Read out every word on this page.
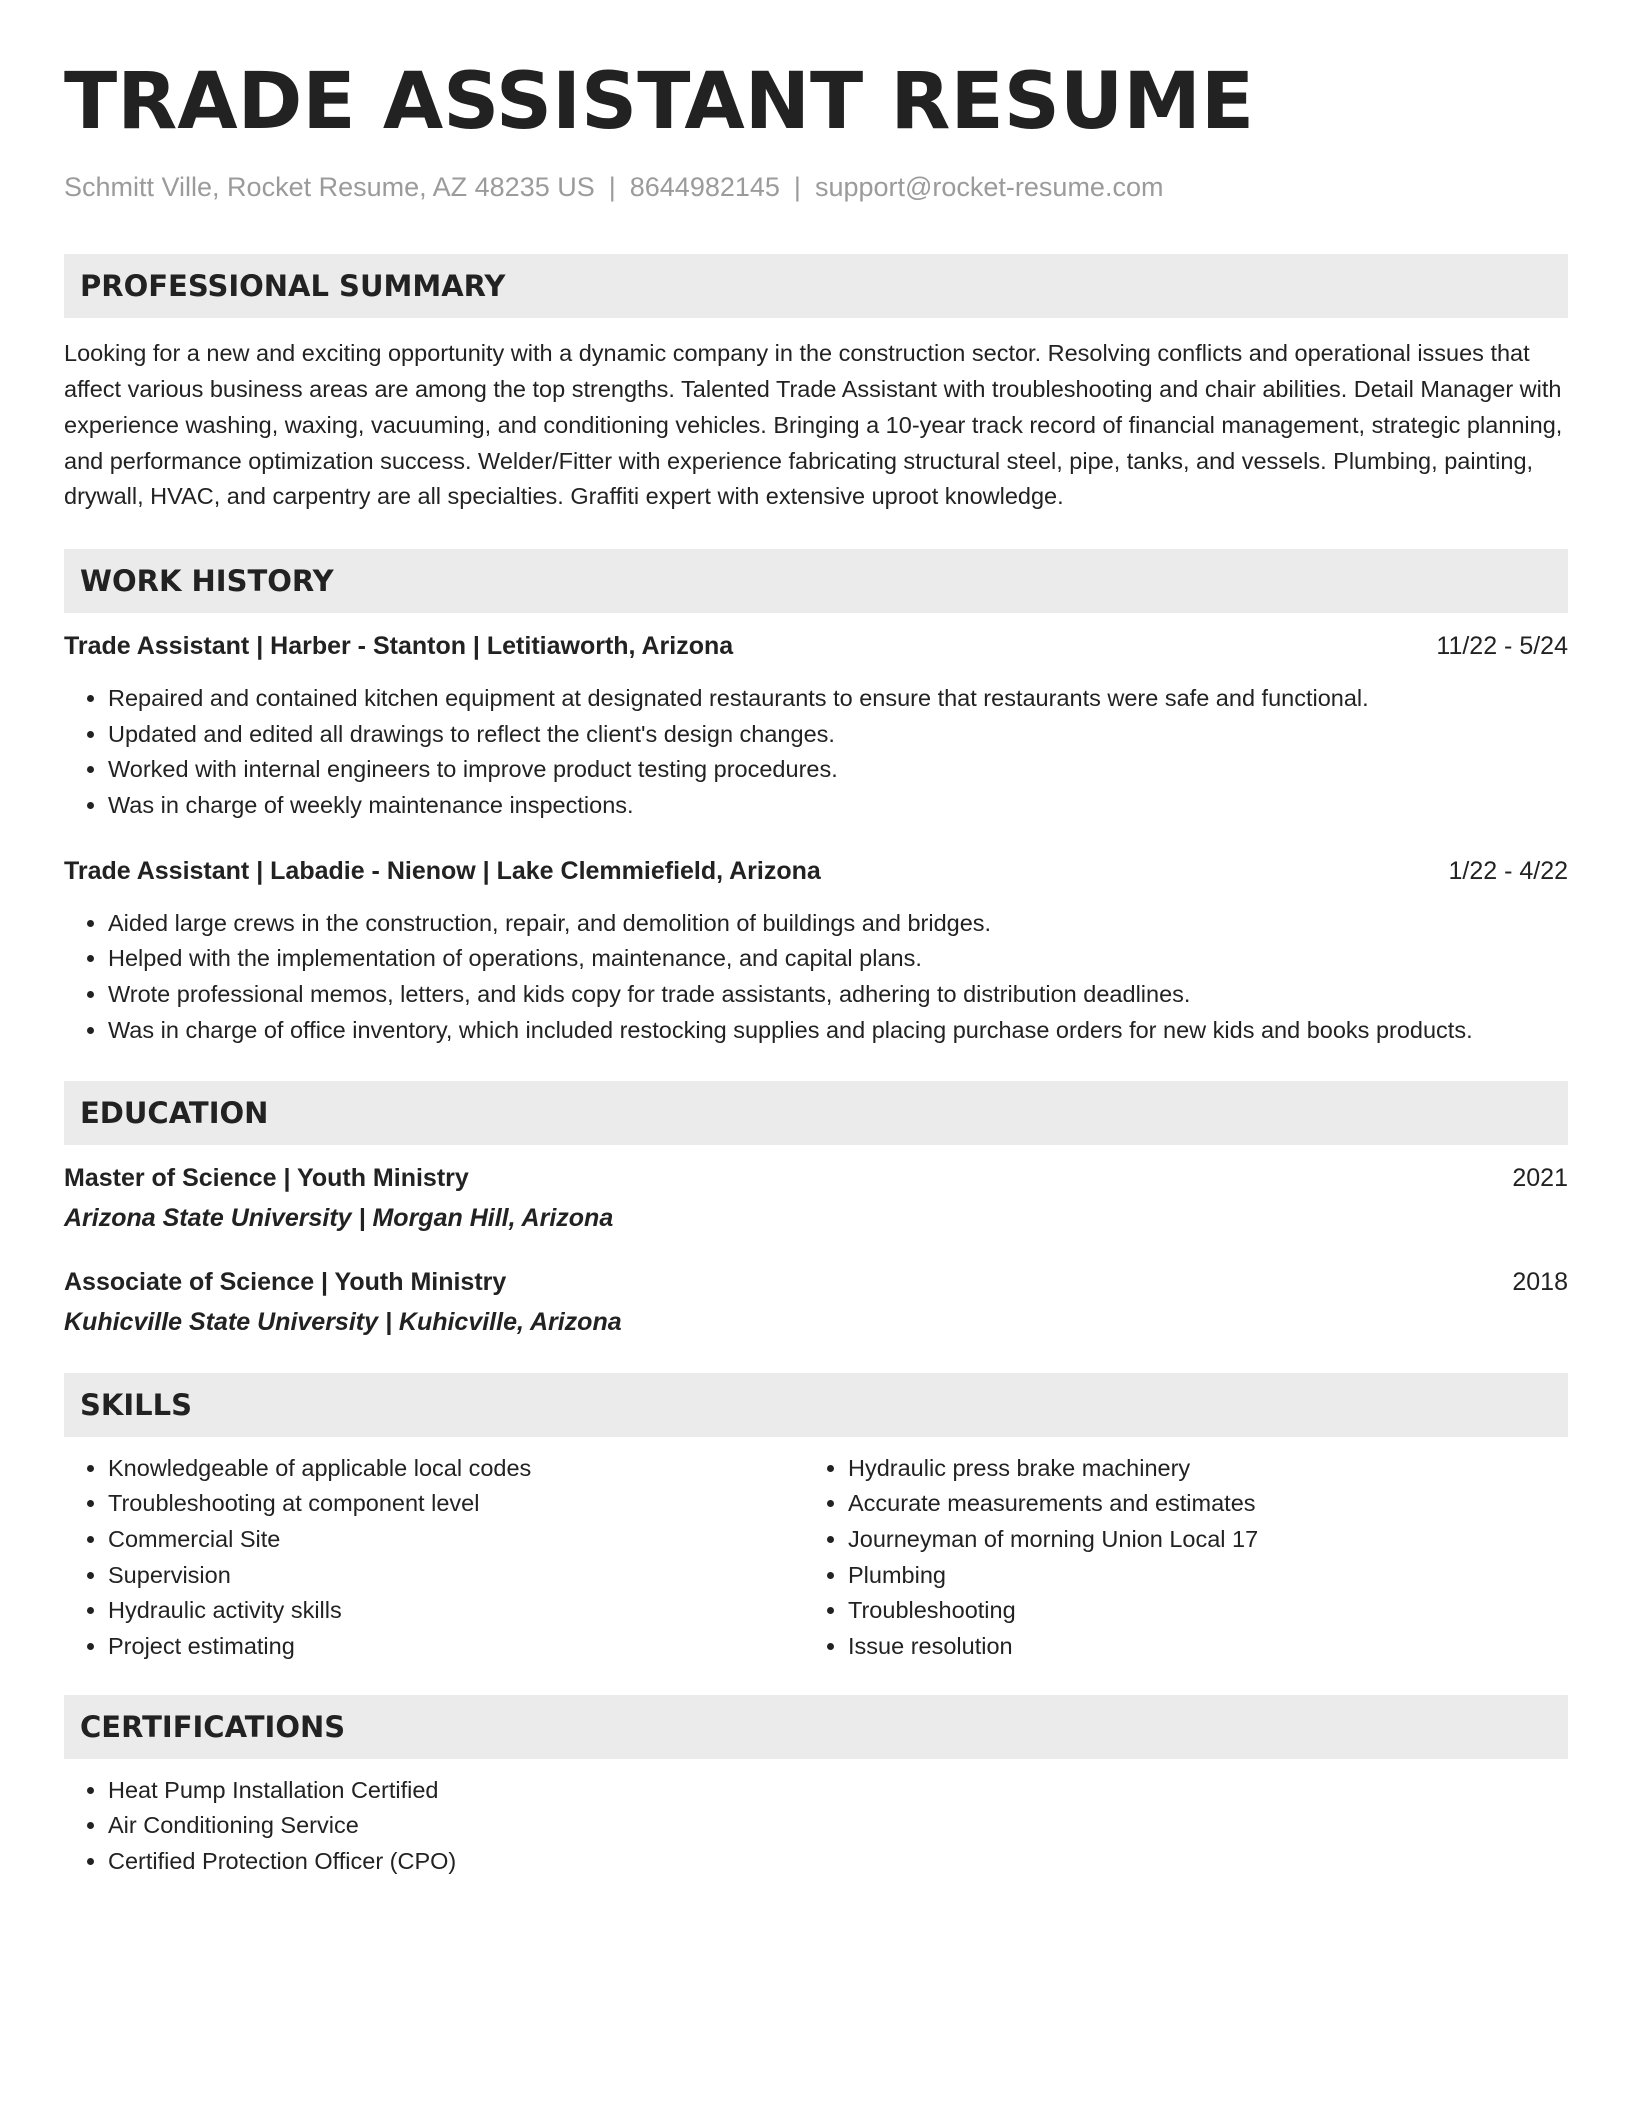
TRADE ASSISTANT RESUME
Schmitt Ville, Rocket Resume, AZ 48235 US | 8644982145 | support@rocket-resume.com
PROFESSIONAL SUMMARY

Looking for a new and exciting opportunity with a dynamic company in the construction sector. Resolving conflicts and operational issues that affect various business areas are among the top strengths. Talented Trade Assistant with troubleshooting and chair abilities. Detail Manager with experience washing, waxing, vacuuming, and conditioning vehicles. Bringing a 10-year track record of financial management, strategic planning, and performance optimization success. Welder/Fitter with experience fabricating structural steel, pipe, tanks, and vessels. Plumbing, painting, drywall, HVAC, and carpentry are all specialties. Graffiti expert with extensive uproot knowledge.

WORK HISTORY
Trade Assistant | Harber - Stanton | Letitiaworth, Arizona	11/22 - 5/24
• Repaired and contained kitchen equipment at designated restaurants to ensure that restaurants were safe and functional.
• Updated and edited all drawings to reflect the client's design changes.
• Worked with internal engineers to improve product testing procedures.
• Was in charge of weekly maintenance inspections.
Trade Assistant | Labadie - Nienow | Lake Clemmiefield, Arizona	1/22 - 4/22
• Aided large crews in the construction, repair, and demolition of buildings and bridges.
• Helped with the implementation of operations, maintenance, and capital plans.
• Wrote professional memos, letters, and kids copy for trade assistants, adhering to distribution deadlines.
• Was in charge of office inventory, which included restocking supplies and placing purchase orders for new kids and books products.
EDUCATION
Master of Science | Youth Ministry	2021
Arizona State University | Morgan Hill, Arizona
Associate of Science | Youth Ministry	2018
Kuhicville State University | Kuhicville, Arizona
SKILLS
• Knowledgeable of applicable local codes
• Troubleshooting at component level
• Commercial Site
• Supervision
• Hydraulic activity skills
• Project estimating
• Hydraulic press brake machinery
• Accurate measurements and estimates
• Journeyman of morning Union Local 17
• Plumbing
• Troubleshooting
• Issue resolution
CERTIFICATIONS
• Heat Pump Installation Certified
• Air Conditioning Service
• Certified Protection Officer (CPO)
